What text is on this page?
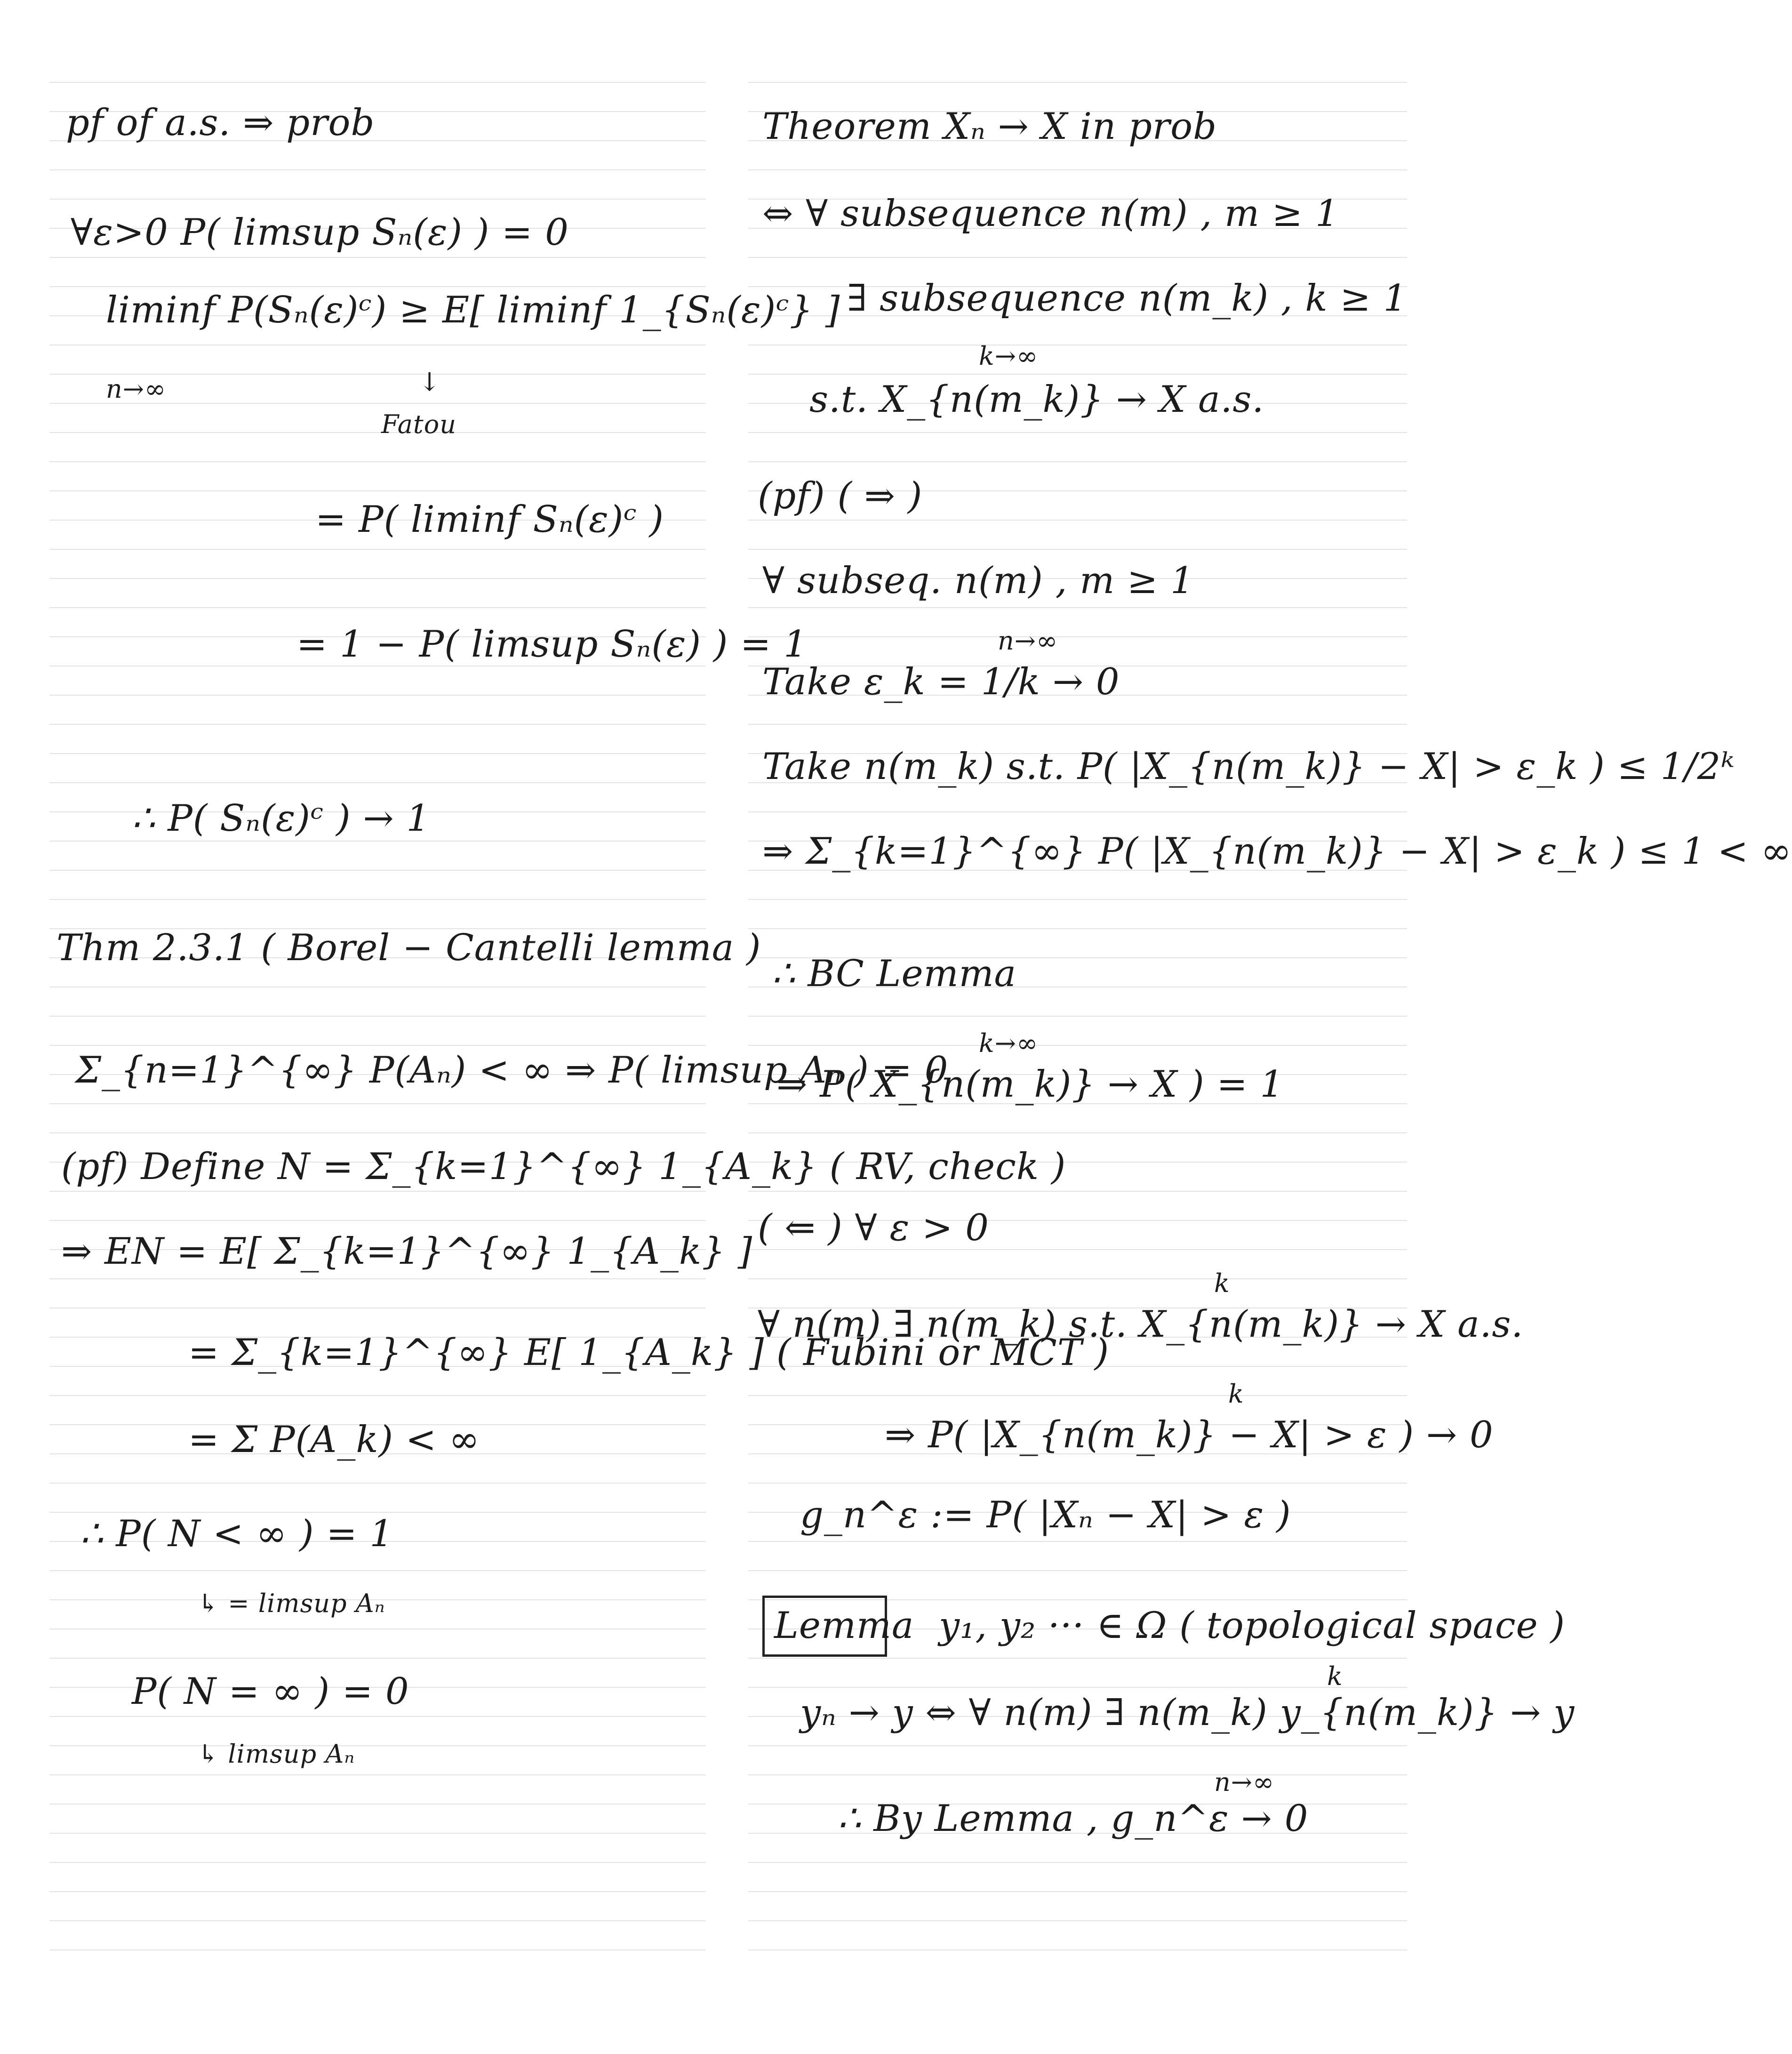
pf of a.s. ⇒ prob
∀ε>0 P( limsup Sₙ(ε) ) = 0
liminf P(Sₙ(ε)ᶜ) ≥ E[ liminf 1_{Sₙ(ε)ᶜ} ]
n→∞	↓
Fatou
= P( liminf Sₙ(ε)ᶜ )
= 1 − P( limsup Sₙ(ε) ) = 1
∴ P( Sₙ(ε)ᶜ ) → 1
Thm 2.3.1 ( Borel − Cantelli lemma )
Σ_{n=1}^{∞} P(Aₙ) < ∞ ⇒ P( limsup Aₙ ) = 0
(pf) Define N = Σ_{k=1}^{∞} 1_{A_k} ( RV, check )
⇒ EN = E[ Σ_{k=1}^{∞} 1_{A_k} ]
= Σ_{k=1}^{∞} E[ 1_{A_k} ] ( Fubini or MCT )
= Σ P(A_k) < ∞
∴ P( N < ∞ ) = 1
↳ = limsup Aₙ
P( N = ∞ ) = 0
↳ limsup Aₙ
Theorem Xₙ → X in prob
⇔ ∀ subsequence n(m) , m ≥ 1
∃ subsequence n(m_k) , k ≥ 1
k→∞
s.t. X_{n(m_k)} → X a.s.
(pf) ( ⇒ )
∀ subseq. n(m) , m ≥ 1
n→∞
Take ε_k = 1/k → 0
Take n(m_k) s.t. P( |X_{n(m_k)} − X| > ε_k ) ≤ 1/2ᵏ
⇒ Σ_{k=1}^{∞} P( |X_{n(m_k)} − X| > ε_k ) ≤ 1 < ∞
∴ BC Lemma
k→∞
⇒ P( X_{n(m_k)} → X ) = 1
( ⇐ ) ∀ ε > 0
k
∀ n(m) ∃ n(m_k) s.t. X_{n(m_k)} → X a.s.
k
⇒ P( |X_{n(m_k)} − X| > ε ) → 0
g_n^ε := P( |Xₙ − X| > ε )
Lemma y₁, y₂ ··· ∈ Ω ( topological space )
k
yₙ → y ⇔ ∀ n(m) ∃ n(m_k) y_{n(m_k)} → y
n→∞
∴ By Lemma , g_n^ε → 0
